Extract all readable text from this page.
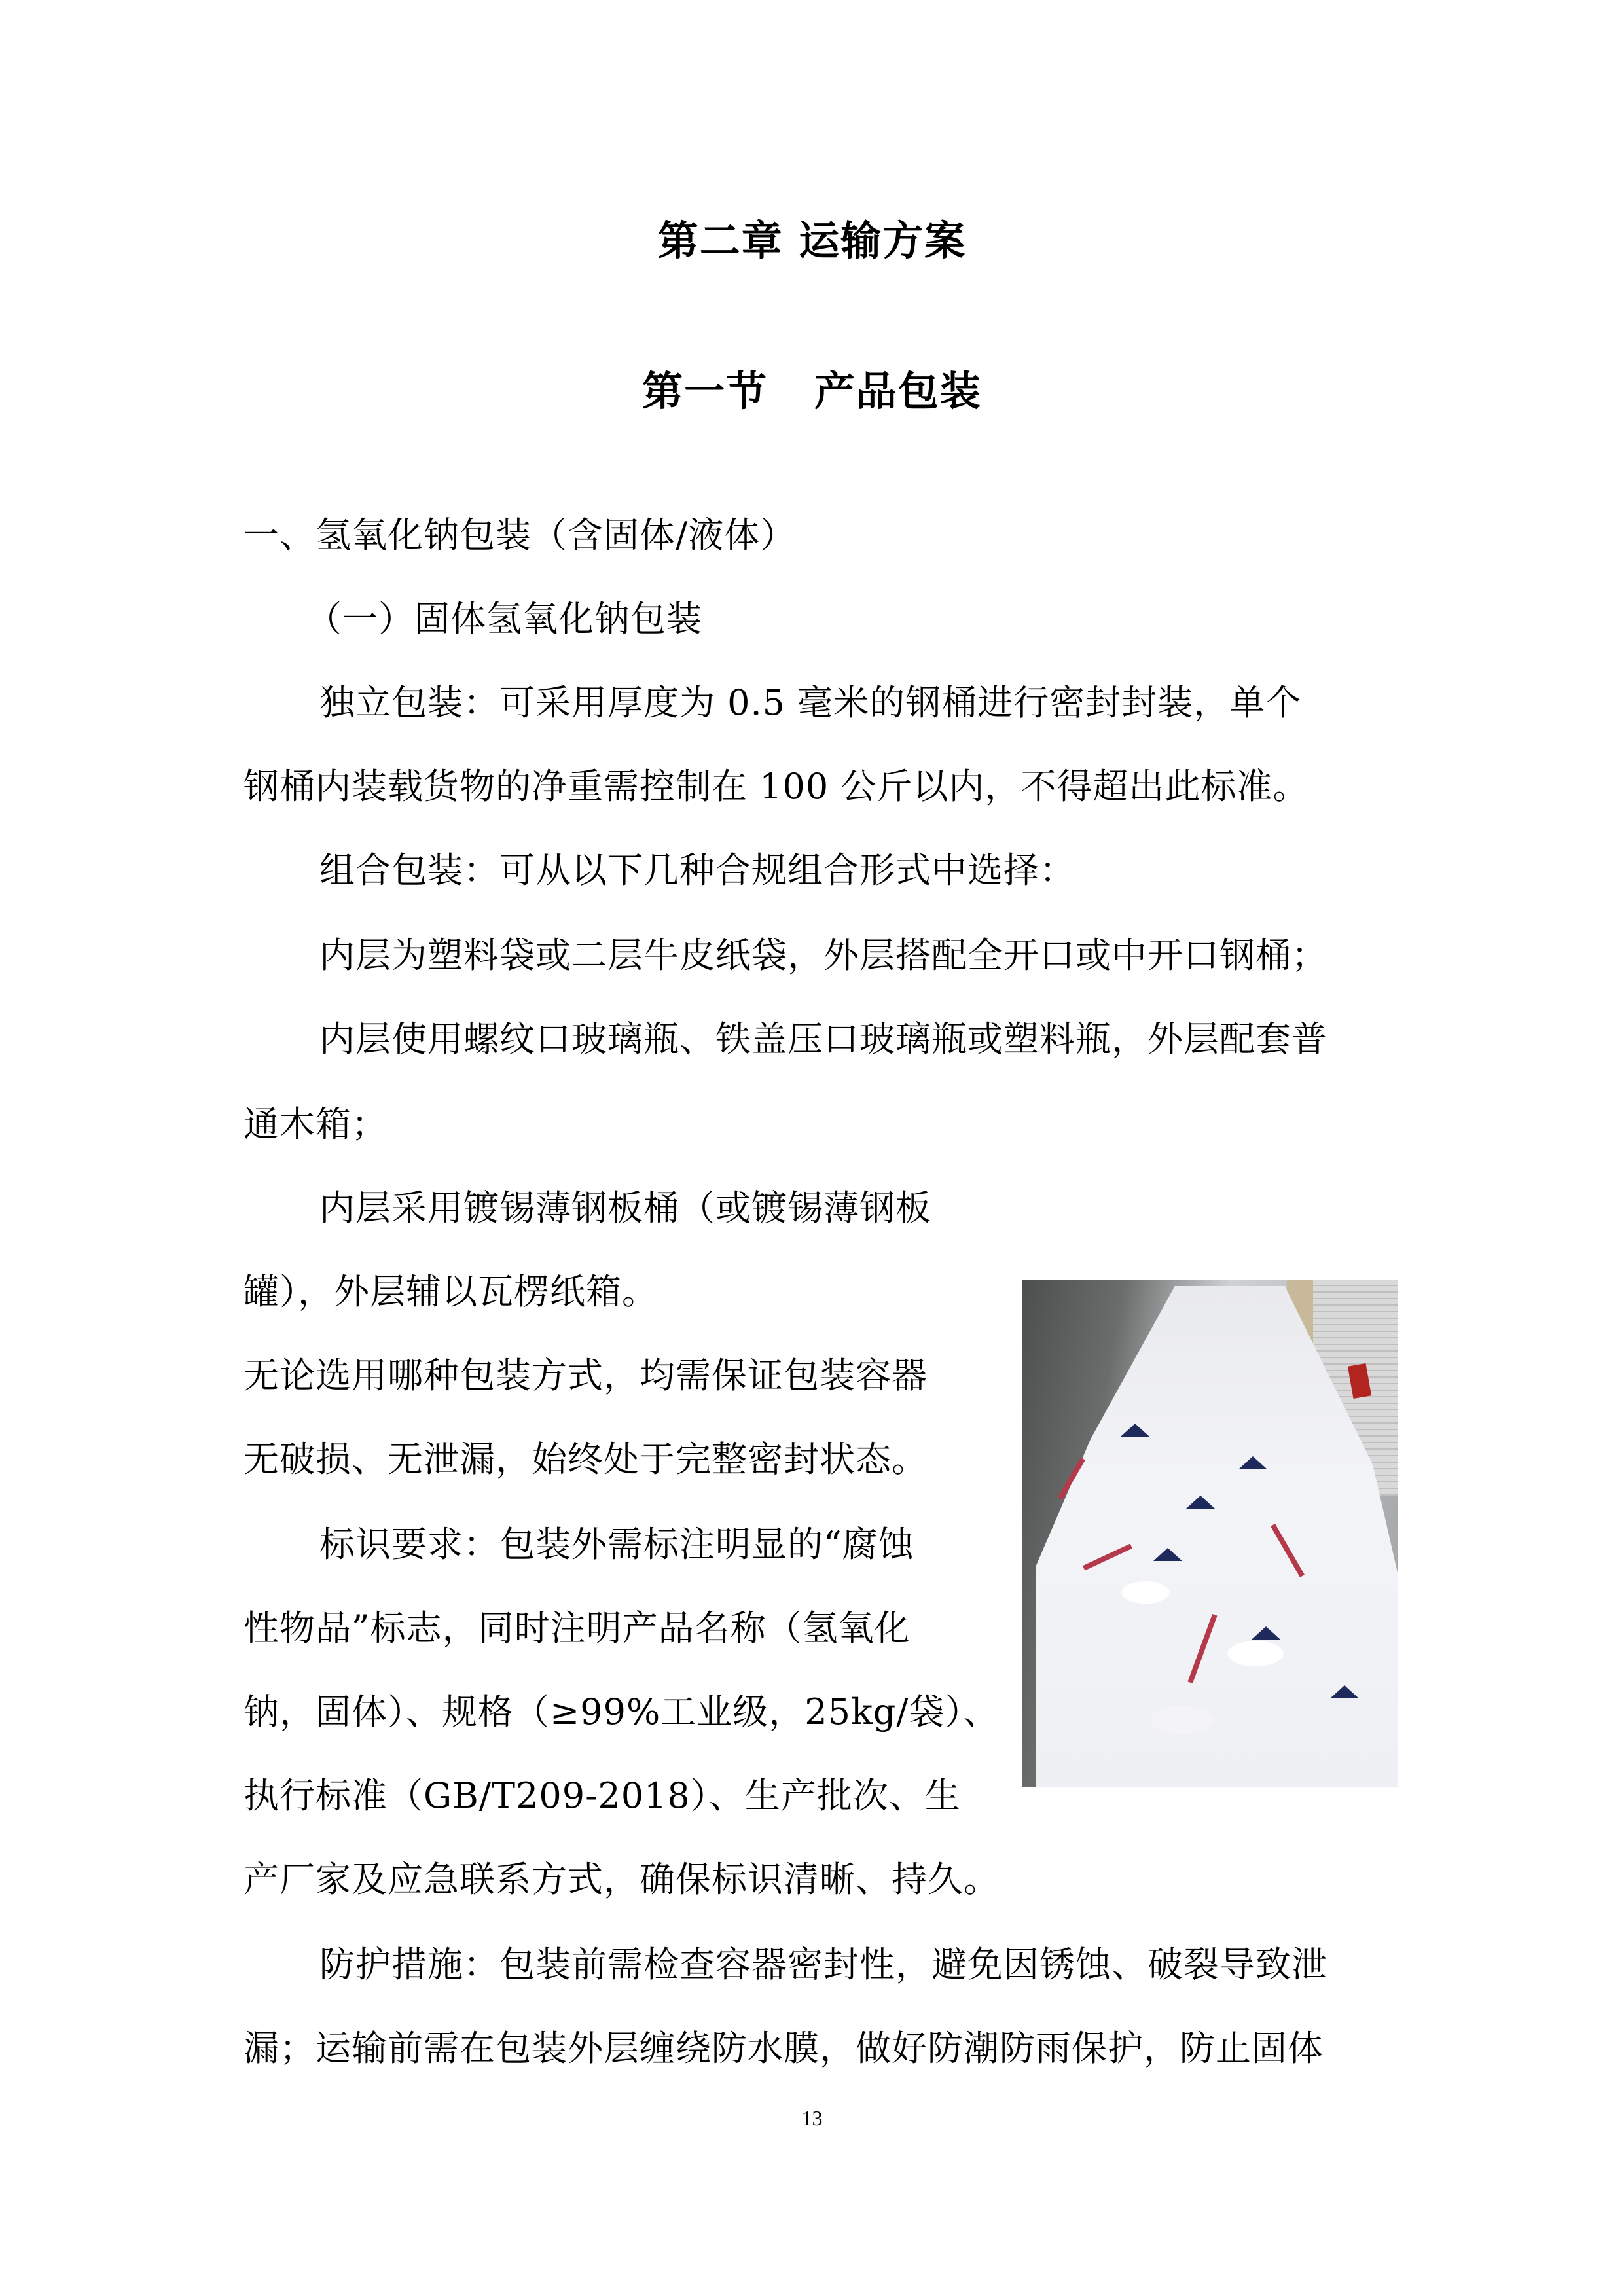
第二章 运输方案
第一节   产品包装
一、氢氧化钠包装（含固体/液体）
（一）固体氢氧化钠包装
独立包装：可采用厚度为 0.5 毫米的钢桶进行密封封装，单个
钢桶内装载货物的净重需控制在 100 公斤以内，不得超出此标准。
组合包装：可从以下几种合规组合形式中选择：
内层为塑料袋或二层牛皮纸袋，外层搭配全开口或中开口钢桶；
内层使用螺纹口玻璃瓶、铁盖压口玻璃瓶或塑料瓶，外层配套普
通木箱；
内层采用镀锡薄钢板桶（或镀锡薄钢板
罐），外层辅以瓦楞纸箱。
无论选用哪种包装方式，均需保证包装容器
无破损、无泄漏，始终处于完整密封状态。
标识要求：包装外需标注明显的“腐蚀
性物品”标志，同时注明产品名称（氢氧化
钠，固体）、规格（≥99%工业级，25kg/袋）、
执行标准（GB/T209-2018）、生产批次、生
产厂家及应急联系方式，确保标识清晰、持久。
防护措施：包装前需检查容器密封性，避免因锈蚀、破裂导致泄
漏；运输前需在包装外层缠绕防水膜，做好防潮防雨保护，防止固体
13
